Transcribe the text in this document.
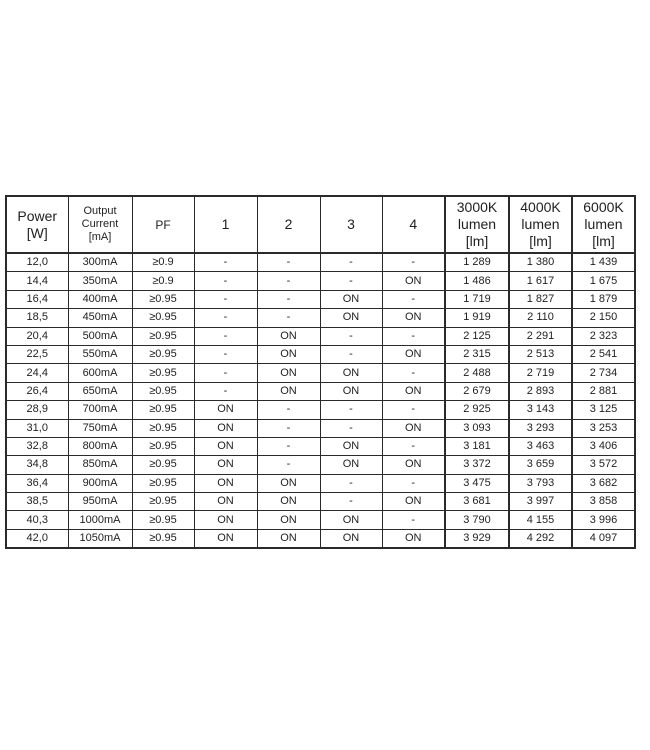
Power
[W]	Output
Current
[mA]	PF	1	2	3	4	3000K
lumen
[lm]	4000K
lumen
[lm]	6000K
lumen
[lm]
12,0	300mA	≥0.9	-	-	-	-	1 289	1 380	1 439
14,4	350mA	≥0.9	-	-	-	ON	1 486	1 617	1 675
16,4	400mA	≥0.95	-	-	ON	-	1 719	1 827	1 879
18,5	450mA	≥0.95	-	-	ON	ON	1 919	2 110	2 150
20,4	500mA	≥0.95	-	ON	-	-	2 125	2 291	2 323
22,5	550mA	≥0.95	-	ON	-	ON	2 315	2 513	2 541
24,4	600mA	≥0.95	-	ON	ON	-	2 488	2 719	2 734
26,4	650mA	≥0.95	-	ON	ON	ON	2 679	2 893	2 881
28,9	700mA	≥0.95	ON	-	-	-	2 925	3 143	3 125
31,0	750mA	≥0.95	ON	-	-	ON	3 093	3 293	3 253
32,8	800mA	≥0.95	ON	-	ON	-	3 181	3 463	3 406
34,8	850mA	≥0.95	ON	-	ON	ON	3 372	3 659	3 572
36,4	900mA	≥0.95	ON	ON	-	-	3 475	3 793	3 682
38,5	950mA	≥0.95	ON	ON	-	ON	3 681	3 997	3 858
40,3	1000mA	≥0.95	ON	ON	ON	-	3 790	4 155	3 996
42,0	1050mA	≥0.95	ON	ON	ON	ON	3 929	4 292	4 097
